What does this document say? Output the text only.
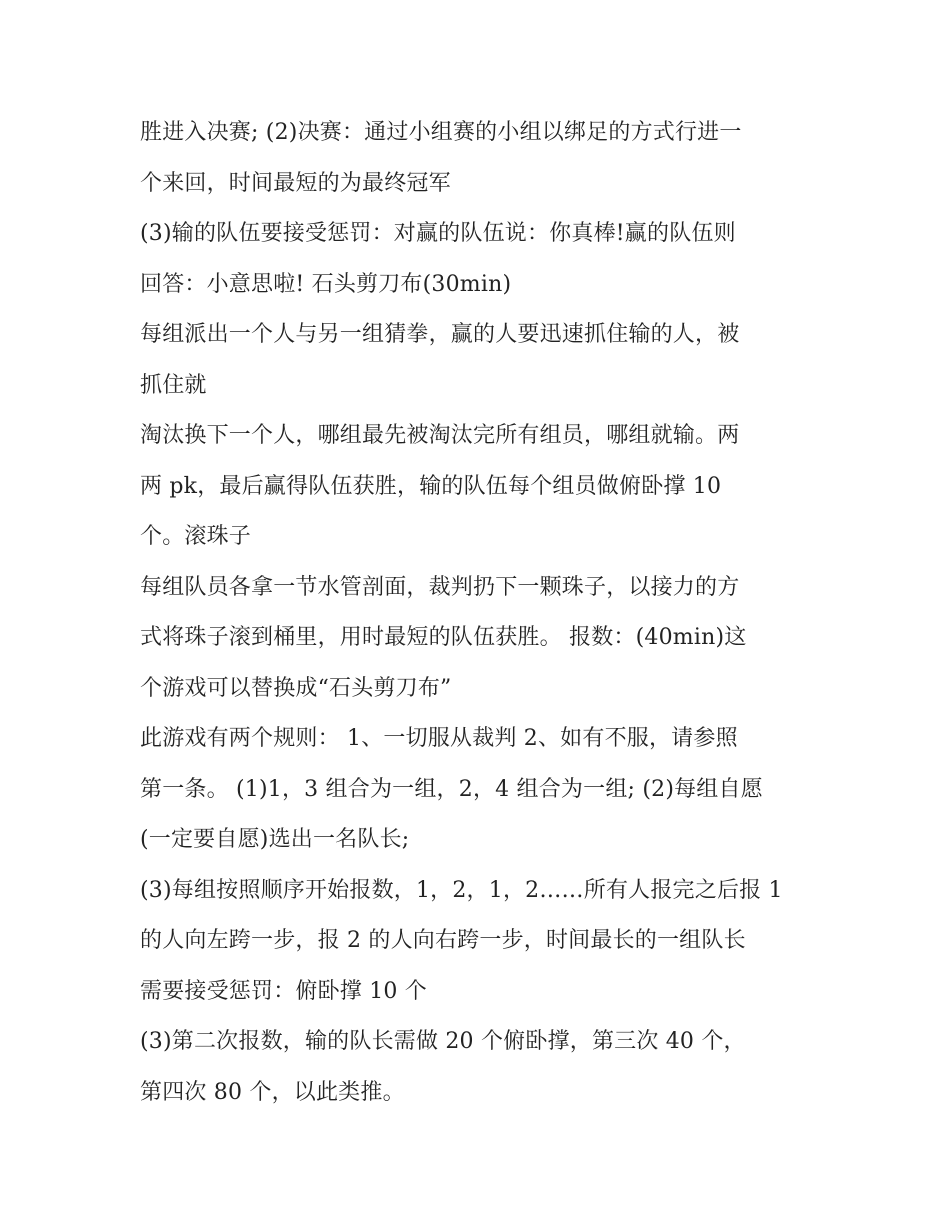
胜进入决赛; (2)决赛：通过小组赛的小组以绑足的方式行进一
个来回，时间最短的为最终冠军
(3)输的队伍要接受惩罚：对赢的队伍说：你真棒!赢的队伍则
回答：小意思啦! 石头剪刀布(30min)
每组派出一个人与另一组猜拳，赢的人要迅速抓住输的人，被
抓住就
淘汰换下一个人，哪组最先被淘汰完所有组员，哪组就输。两
两 pk，最后赢得队伍获胜，输的队伍每个组员做俯卧撑 10
个。滚珠子
每组队员各拿一节水管剖面，裁判扔下一颗珠子，以接力的方
式将珠子滚到桶里，用时最短的队伍获胜。 报数：(40min)这
个游戏可以替换成“石头剪刀布”
此游戏有两个规则： 1、一切服从裁判 2、如有不服，请参照
第一条。 (1)1，3 组合为一组，2，4 组合为一组; (2)每组自愿
(一定要自愿)选出一名队长;
(3)每组按照顺序开始报数，1，2，1，2……所有人报完之后报 1
的人向左跨一步，报 2 的人向右跨一步，时间最长的一组队长
需要接受惩罚：俯卧撑 10 个
(3)第二次报数，输的队长需做 20 个俯卧撑，第三次 40 个，
第四次 80 个，以此类推。
